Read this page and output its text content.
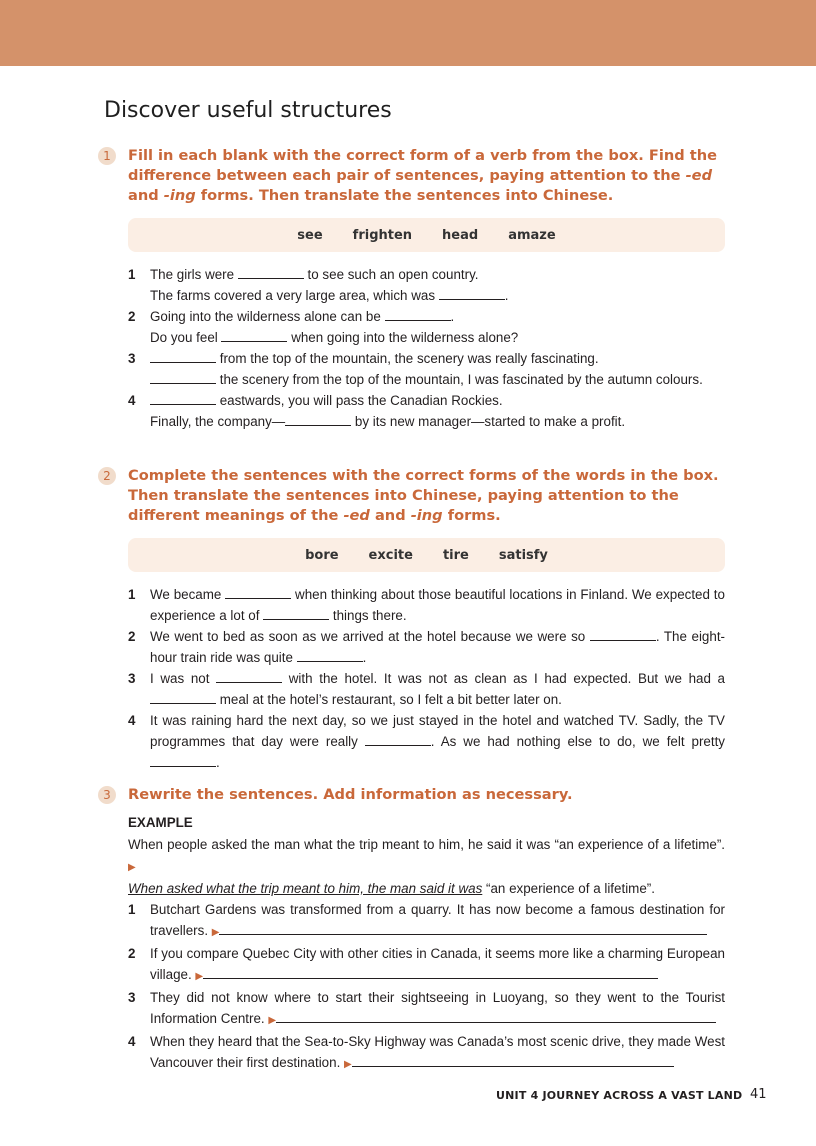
Discover useful structures
1	Fill in each blank with the correct form of a verb from the box. Find the difference between each pair of sentences, paying attention to the -ed and -ing forms. Then translate the sentences into Chinese.
see frighten head amaze
1	The girls were	to see such an open country.

The farms covered a very large area, which was	.

2	Going into the wilderness alone can be	.

Do you feel	when going into the wilderness alone?

3	from the top of the mountain, the scenery was really fascinating.

the scenery from the top of the mountain, I was fascinated by the autumn colours.

4	eastwards, you will pass the Canadian Rockies.

Finally, the company—	by its new manager—started to make a profit.

2	Complete the sentences with the correct forms of the words in the box. Then translate the sentences into Chinese, paying attention to the different meanings of the -ed and -ing forms.
bore excite tire satisfy
1	We became	when thinking about those beautiful locations in Finland. We expected to experience a lot of	things there.
2	We went to bed as soon as we arrived at the hotel because we were so	. The eight-hour train ride was quite	.
3	I was not	with the hotel. It was not as clean as I had expected. But we had a  meal at the hotel’s restaurant, so I felt a bit better later on.
4	It was raining hard the next day, so we just stayed in the hotel and watched TV. Sadly, the TV programmes that day were really	. As we had nothing else to do, we felt pretty .
3	Rewrite the sentences. Add information as necessary.
EXAMPLE
When people asked the man what the trip meant to him, he said it was “an experience of a lifetime”. ▶
When asked what the trip meant to him, the man said it was “an experience of a lifetime”.
1	Butchart Gardens was transformed from a quarry. It has now become a famous destination for travellers. ▶
2	If you compare Quebec City with other cities in Canada, it seems more like a charming European village. ▶
3	They did not know where to start their sightseeing in Luoyang, so they went to the Tourist Information Centre. ▶
4	When they heard that the Sea-to-Sky Highway was Canada’s most scenic drive, they made West Vancouver their first destination. ▶
UNIT 4 JOURNEY ACROSS A VAST LAND 41
